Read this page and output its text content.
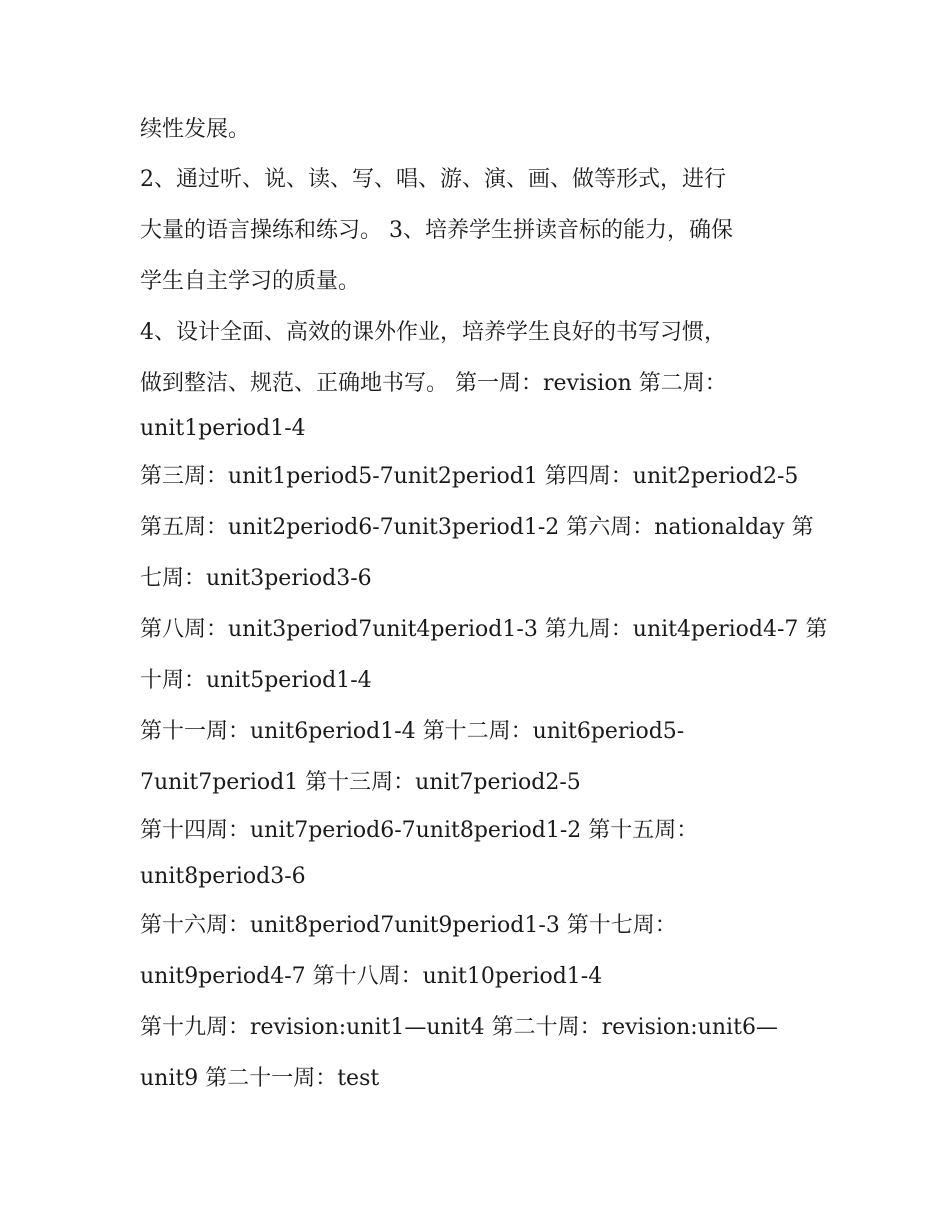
续性发展。

2、通过听、说、读、写、唱、游、演、画、做等形式，进行
大量的语言操练和练习。 3、培养学生拼读音标的能力，确保
学生自主学习的质量。

4、设计全面、高效的课外作业，培养学生良好的书写习惯，
做到整洁、规范、正确地书写。 第一周：revision 第二周：
unit1period1-4

第三周：unit1period5-7unit2period1 第四周：unit2period2-5

第五周：unit2period6-7unit3period1-2 第六周：nationalday 第
七周：unit3period3-6

第八周：unit3period7unit4period1-3 第九周：unit4period4-7 第
十周：unit5period1-4

第十一周：unit6period1-4 第十二周：unit6period5-
7unit7period1 第十三周：unit7period2-5

第十四周：unit7period6-7unit8period1-2 第十五周：
unit8period3-6

第十六周：unit8period7unit9period1-3 第十七周：
unit9period4-7 第十八周：unit10period1-4

第十九周：revision:unit1—unit4 第二十周：revision:unit6—
unit9 第二十一周：test
